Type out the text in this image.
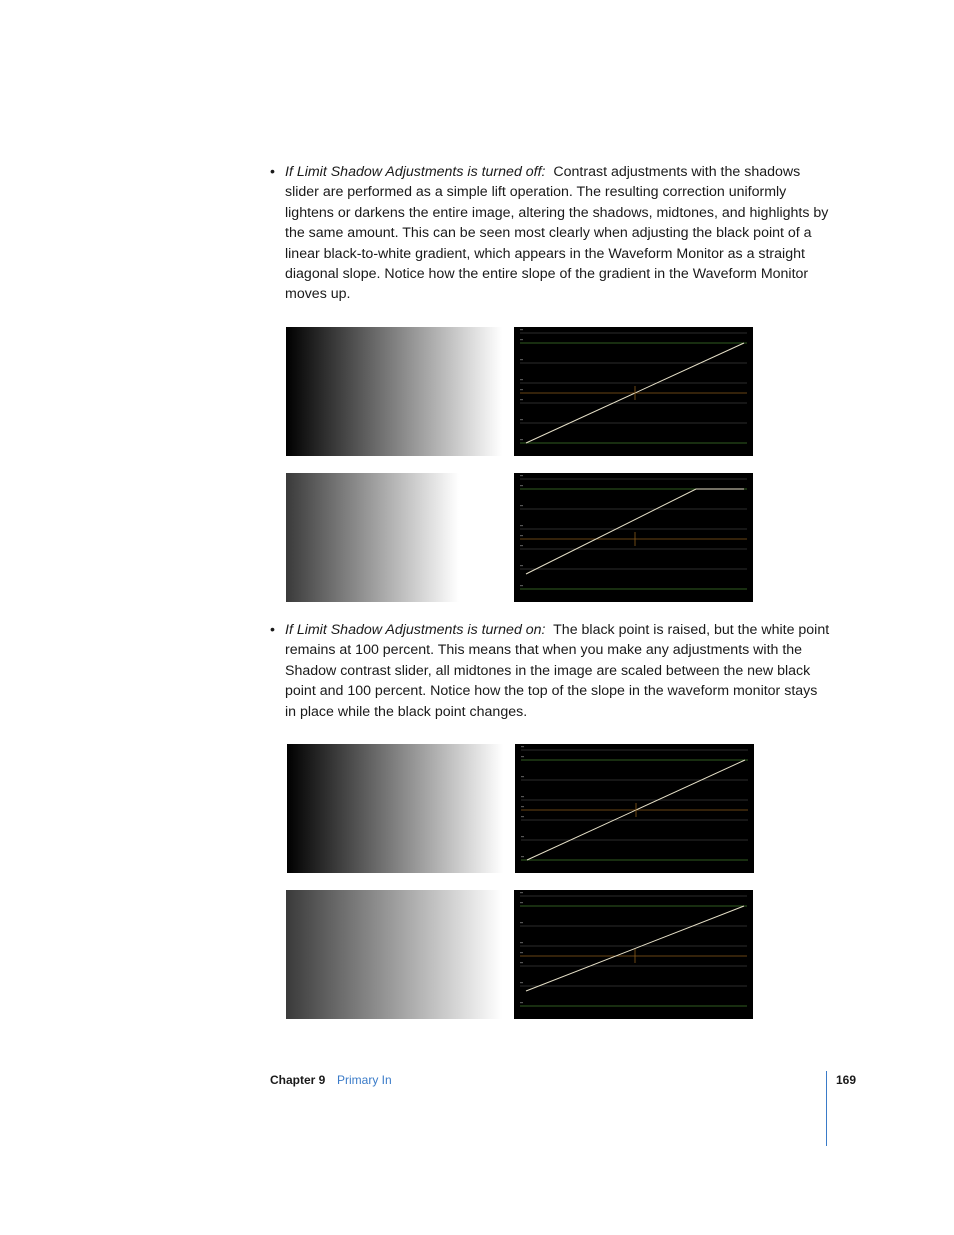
• If Limit Shadow Adjustments is turned off: Contrast adjustments with the shadows slider are performed as a simple lift operation. The resulting correction uniformly lightens or darkens the entire image, altering the shadows, midtones, and highlights by the same amount. This can be seen most clearly when adjusting the black point of a linear black-to-white gradient, which appears in the Waveform Monitor as a straight diagonal slope. Notice how the entire slope of the gradient in the Waveform Monitor moves up.
• If Limit Shadow Adjustments is turned on: The black point is raised, but the white point remains at 100 percent. This means that when you make any adjustments with the Shadow contrast slider, all midtones in the image are scaled between the new black point and 100 percent. Notice how the top of the slope in the waveform monitor stays in place while the black point changes.
Chapter 9 Primary In	169
